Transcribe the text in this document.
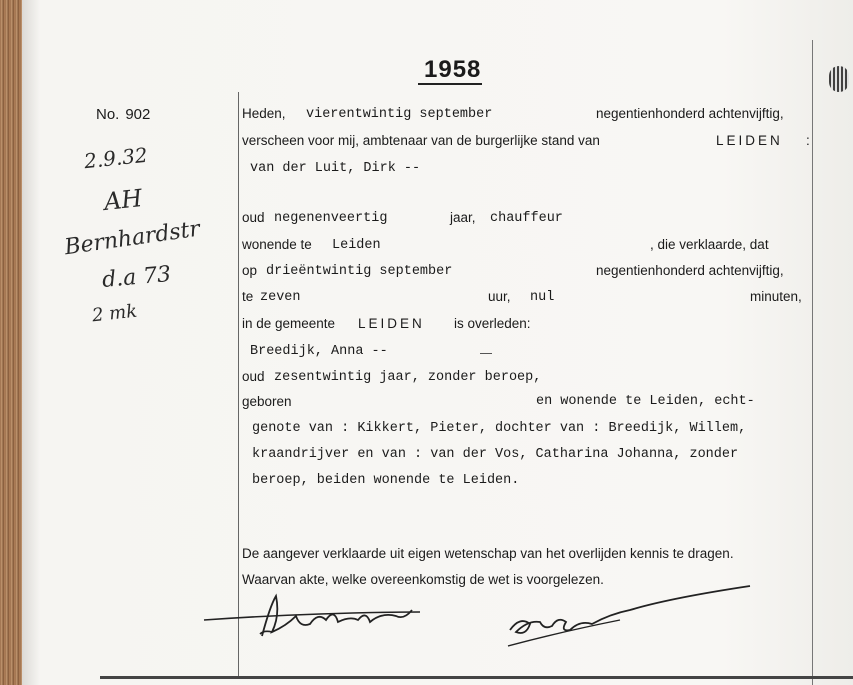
1958
No. 902
2.9.32
AH
Bernhardstr
d.a 73
2 mk
Heden, vierentwintig september	negentienhonderd achtenvijftig,
verscheen voor mij, ambtenaar van de burgerlijke stand van	LEIDEN :
van der Luit, Dirk --
oud negenenveertig	jaar, chauffeur
wonende te Leiden	, die verklaarde, dat
op drieëntwintig september	negentienhonderd achtenvijftig,
te zeven	uur, nul	minuten,
in de gemeente LEIDEN is overleden:
Breedijk, Anna --
oud zesentwintig jaar, zonder beroep,
geboren	en wonende te Leiden, echt-
genote van : Kikkert, Pieter, dochter van : Breedijk, Willem,
kraandrijver en van : van der Vos, Catharina Johanna, zonder
beroep, beiden wonende te Leiden.
De aangever verklaarde uit eigen wetenschap van het overlijden kennis te dragen.
Waarvan akte, welke overeenkomstig de wet is voorgelezen.
